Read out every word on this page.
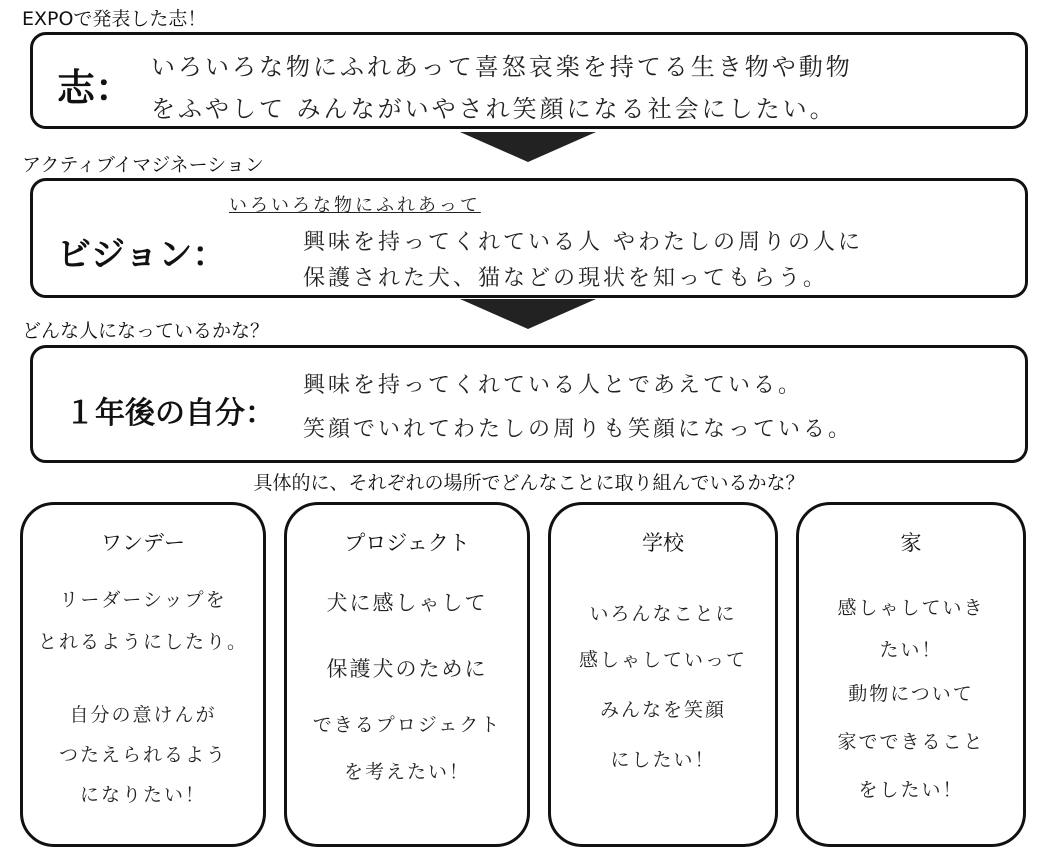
EXPOで発表した志！
志： いろいろな物にふれあって喜怒哀楽を持てる生き物や動物
をふやして みんながいやされ笑顔になる社会にしたい。
アクティブイマジネーション
ビジョン：
いろいろな物にふれあって
興味を持ってくれている人 やわたしの周りの人に
保護された犬、猫などの現状を知ってもらう。
どんな人になっているかな？
１年後の自分：
興味を持ってくれている人とであえている。
笑顔でいれてわたしの周りも笑顔になっている。
具体的に、それぞれの場所でどんなことに取り組んでいるかな？
ワンデー
リーダーシップを
とれるようにしたり。
自分の意けんが
つたえられるよう
になりたい！
プロジェクト
犬に感しゃして
保護犬のために
できるプロジェクト
を考えたい！
学校
いろんなことに
感しゃしていって
みんなを笑顔
にしたい！
家
感しゃしていき
たい！
動物について
家でできること
をしたい！
